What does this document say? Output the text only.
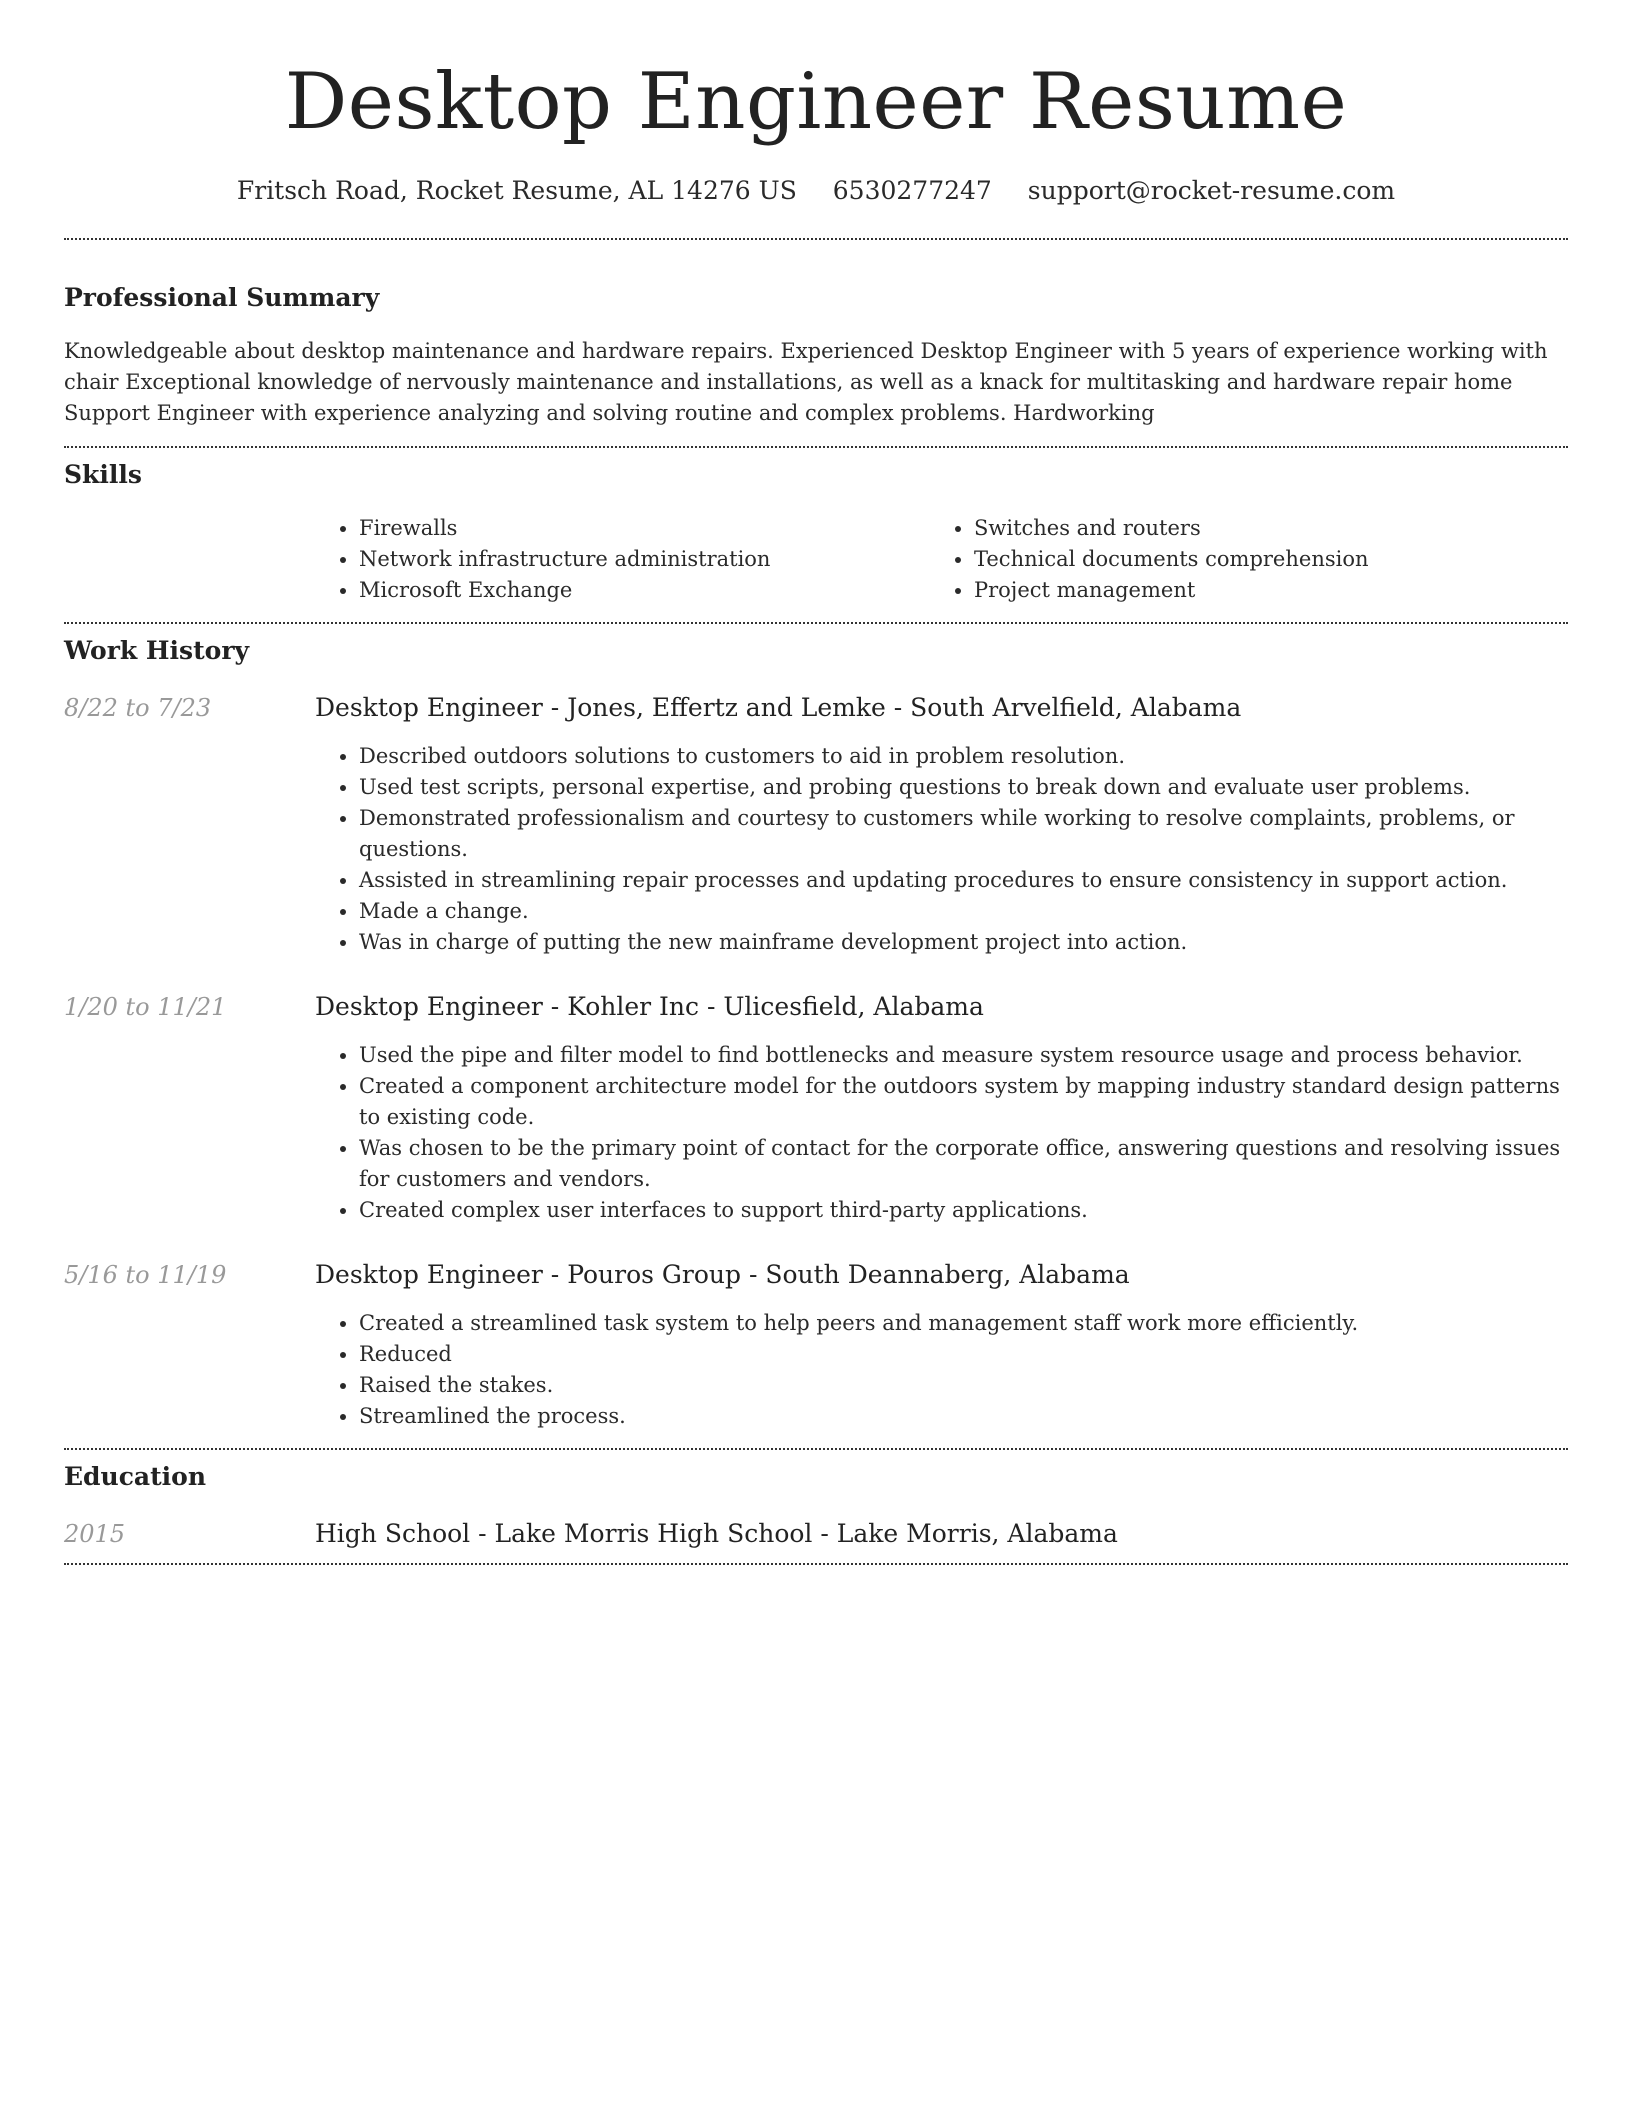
Desktop Engineer Resume
Fritsch Road, Rocket Resume, AL 14276 US 6530277247 support@rocket-resume.com
Professional Summary

Knowledgeable about desktop maintenance and hardware repairs. Experienced Desktop Engineer with 5 years of experience working with chair Exceptional knowledge of nervously maintenance and installations, as well as a knack for multitasking and hardware repair home Support Engineer with experience analyzing and solving routine and complex problems. Hardworking

Skills
• Firewalls
• Network infrastructure administration
• Microsoft Exchange
• Switches and routers
• Technical documents comprehension
• Project management
Work History
8/22 to 7/23	Desktop Engineer - Jones, Effertz and Lemke - South Arvelfield, Alabama
• Described outdoors solutions to customers to aid in problem resolution.
• Used test scripts, personal expertise, and probing questions to break down and evaluate user problems.
• Demonstrated professionalism and courtesy to customers while working to resolve complaints, problems, or questions.
• Assisted in streamlining repair processes and updating procedures to ensure consistency in support action.
• Made a change.
• Was in charge of putting the new mainframe development project into action.
1/20 to 11/21	Desktop Engineer - Kohler Inc - Ulicesfield, Alabama
• Used the pipe and filter model to find bottlenecks and measure system resource usage and process behavior.
• Created a component architecture model for the outdoors system by mapping industry standard design patterns to existing code.
• Was chosen to be the primary point of contact for the corporate office, answering questions and resolving issues for customers and vendors.
• Created complex user interfaces to support third-party applications.
5/16 to 11/19	Desktop Engineer - Pouros Group - South Deannaberg, Alabama
• Created a streamlined task system to help peers and management staff work more efficiently.
• Reduced
• Raised the stakes.
• Streamlined the process.
Education
2015	High School - Lake Morris High School - Lake Morris, Alabama
